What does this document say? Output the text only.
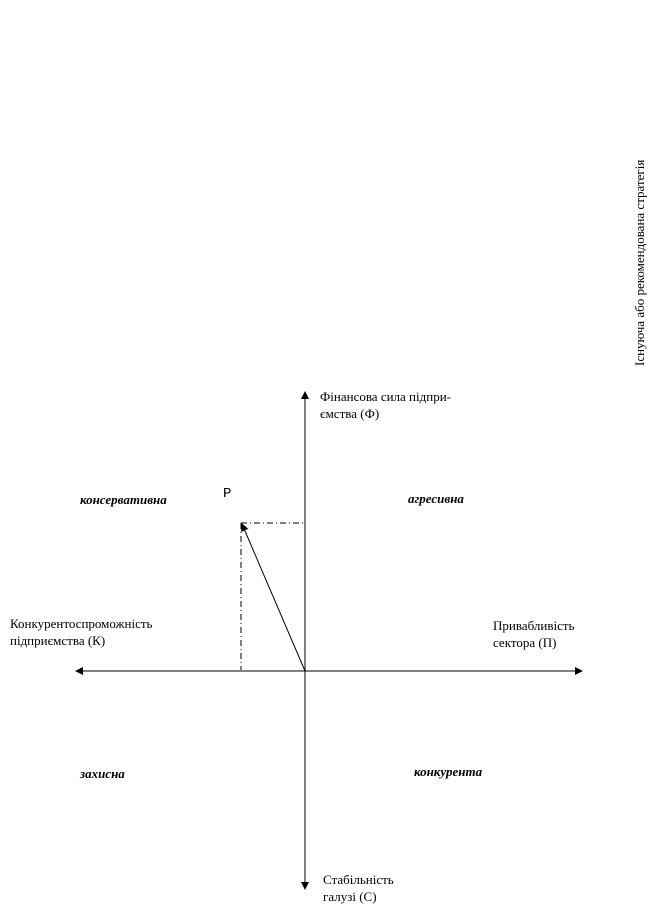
Існуюча або рекомендована стратегія
Фінансова сила підпри-
ємства (Ф)
Конкурентоспроможність
підприємства (К)
Привабливість
сектора (П)
Стабільність
галузі (С)
консервативна	агресивна
захисна	конкурента
P
